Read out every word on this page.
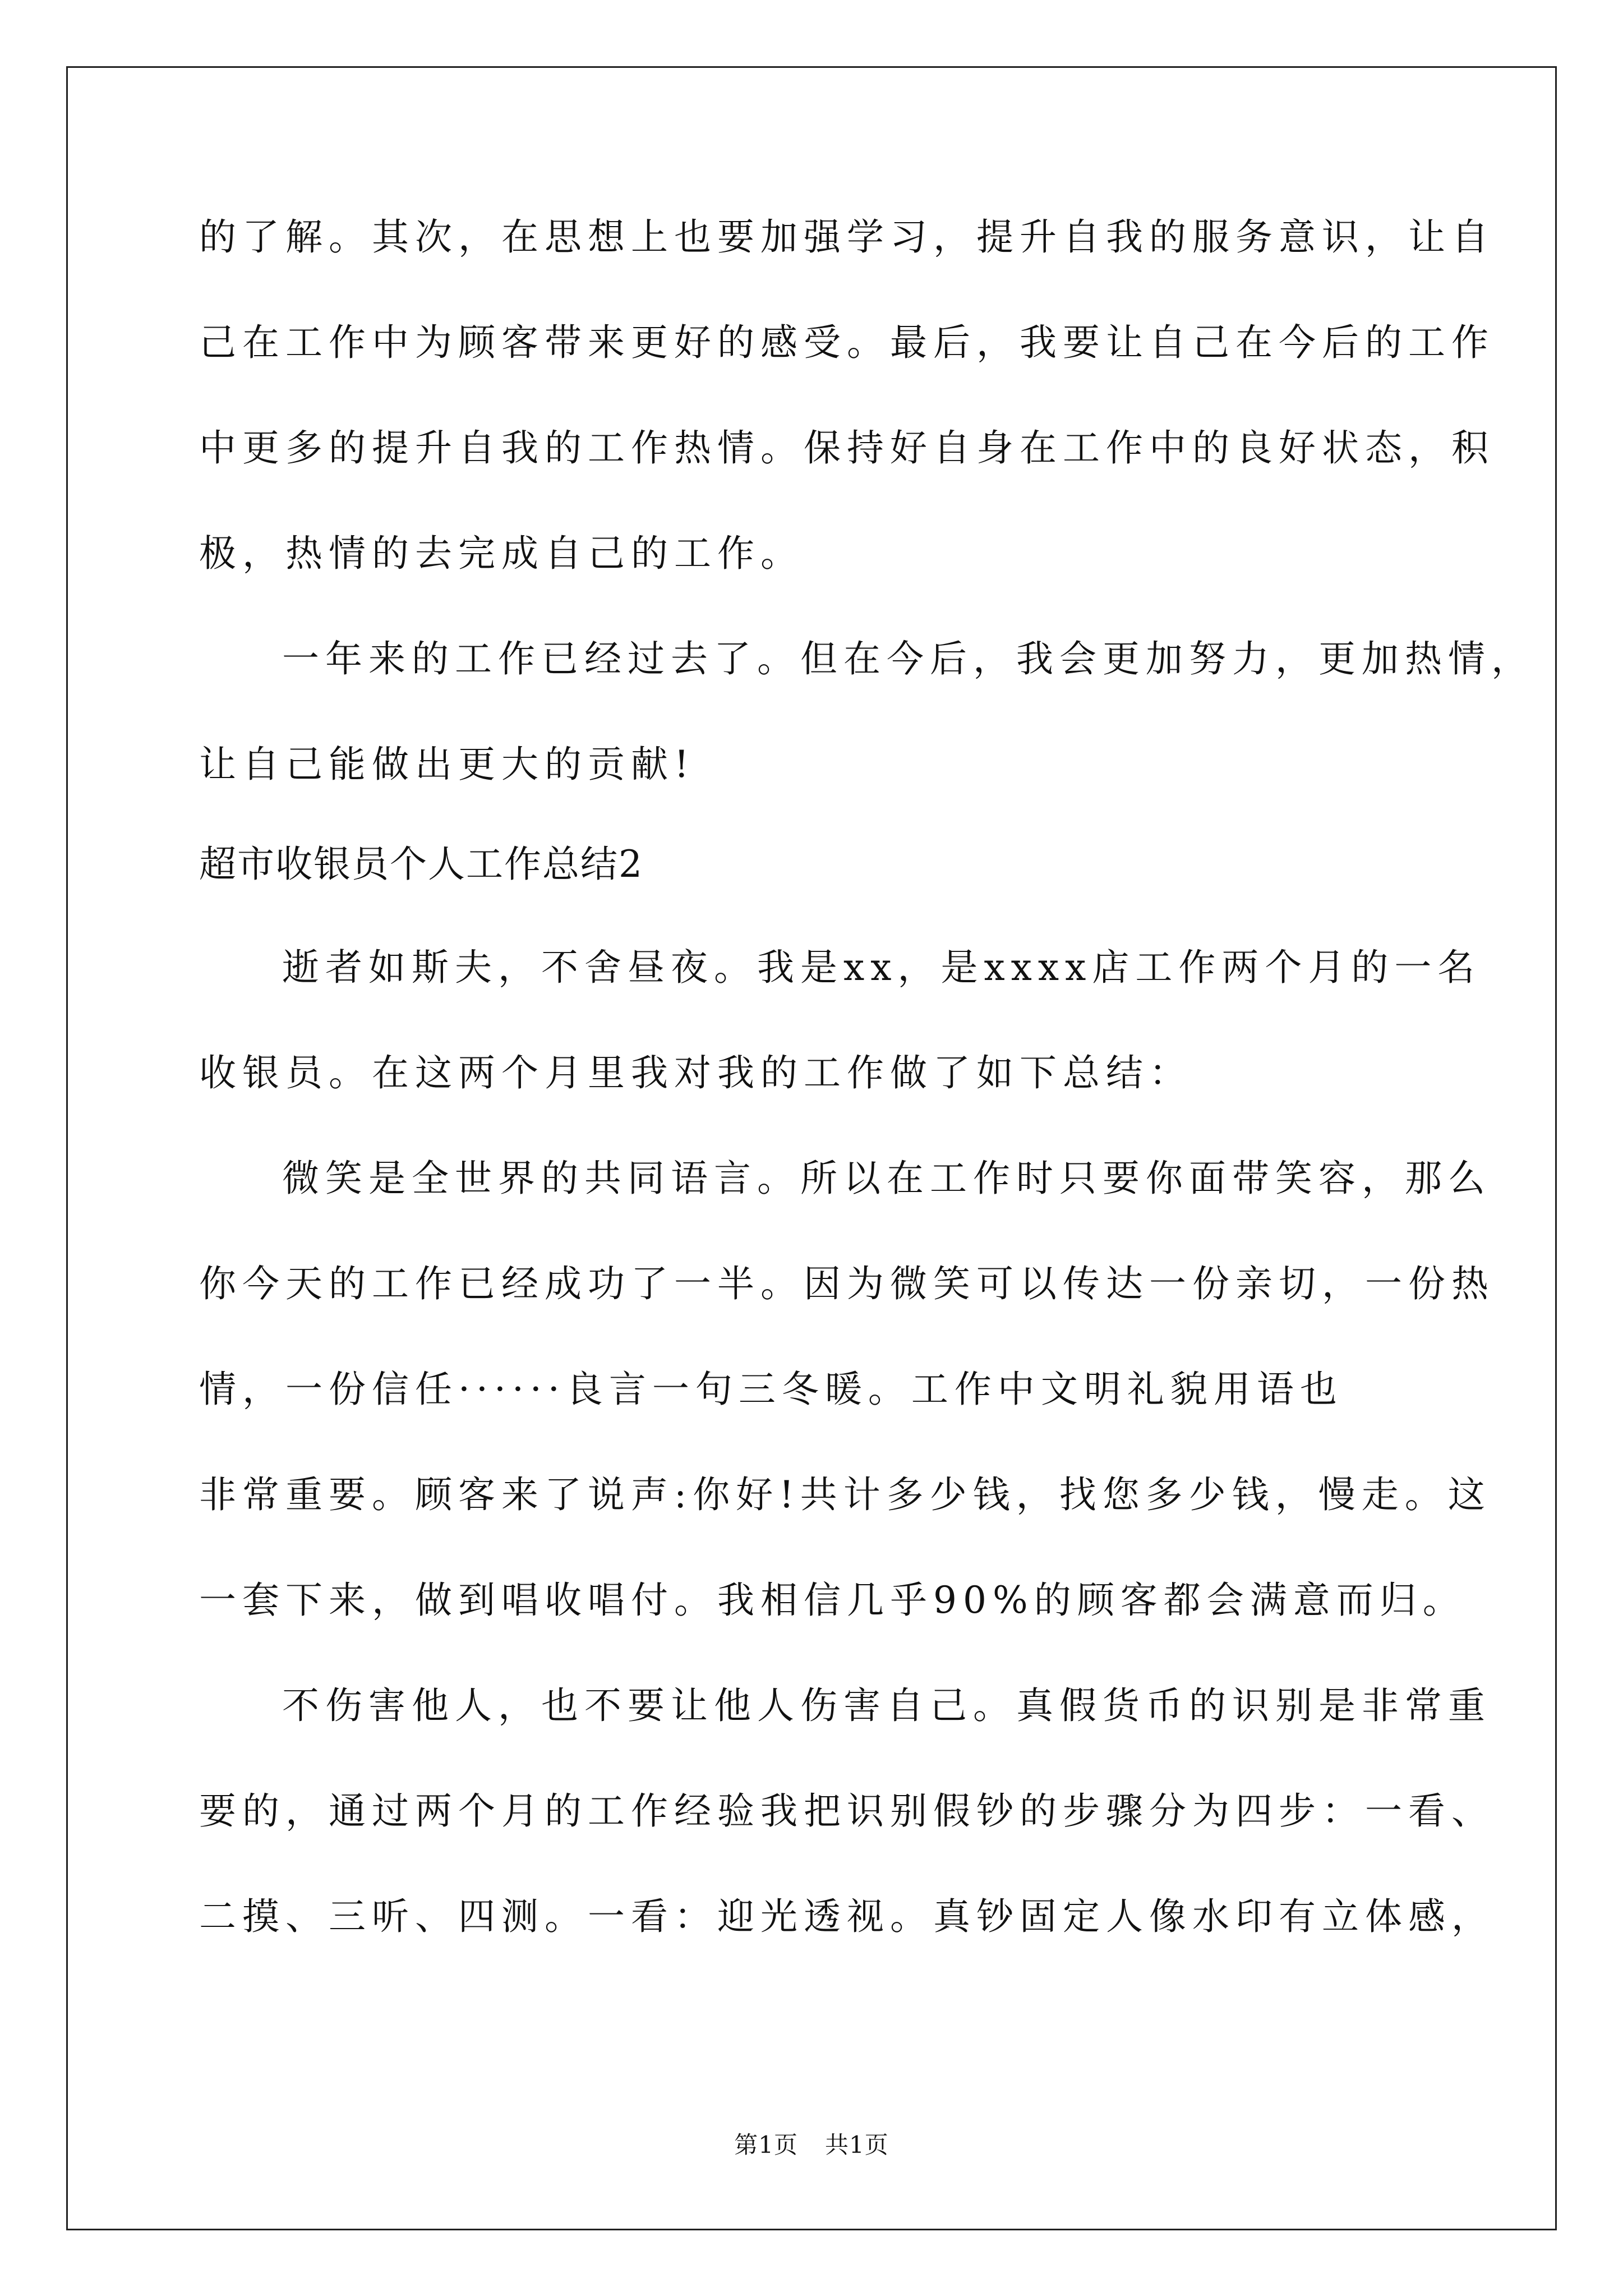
的了解。其次，在思想上也要加强学习，提升自我的服务意识，让自
己在工作中为顾客带来更好的感受。最后，我要让自己在今后的工作
中更多的提升自我的工作热情。保持好自身在工作中的良好状态，积
极，热情的去完成自己的工作。
一年来的工作已经过去了。但在今后，我会更加努力，更加热情，
让自己能做出更大的贡献!
超市收银员个人工作总结2
逝者如斯夫，不舍昼夜。我是xx，是xxxx店工作两个月的一名
收银员。在这两个月里我对我的工作做了如下总结：
微笑是全世界的共同语言。所以在工作时只要你面带笑容，那么
你今天的工作已经成功了一半。因为微笑可以传达一份亲切，一份热
情，一份信任······良言一句三冬暖。工作中文明礼貌用语也
非常重要。顾客来了说声:你好!共计多少钱，找您多少钱，慢走。这
一套下来，做到唱收唱付。我相信几乎90%的顾客都会满意而归。
不伤害他人，也不要让他人伤害自己。真假货币的识别是非常重
要的，通过两个月的工作经验我把识别假钞的步骤分为四步：一看、
二摸、三听、四测。一看：迎光透视。真钞固定人像水印有立体感，
第1页 共1页
